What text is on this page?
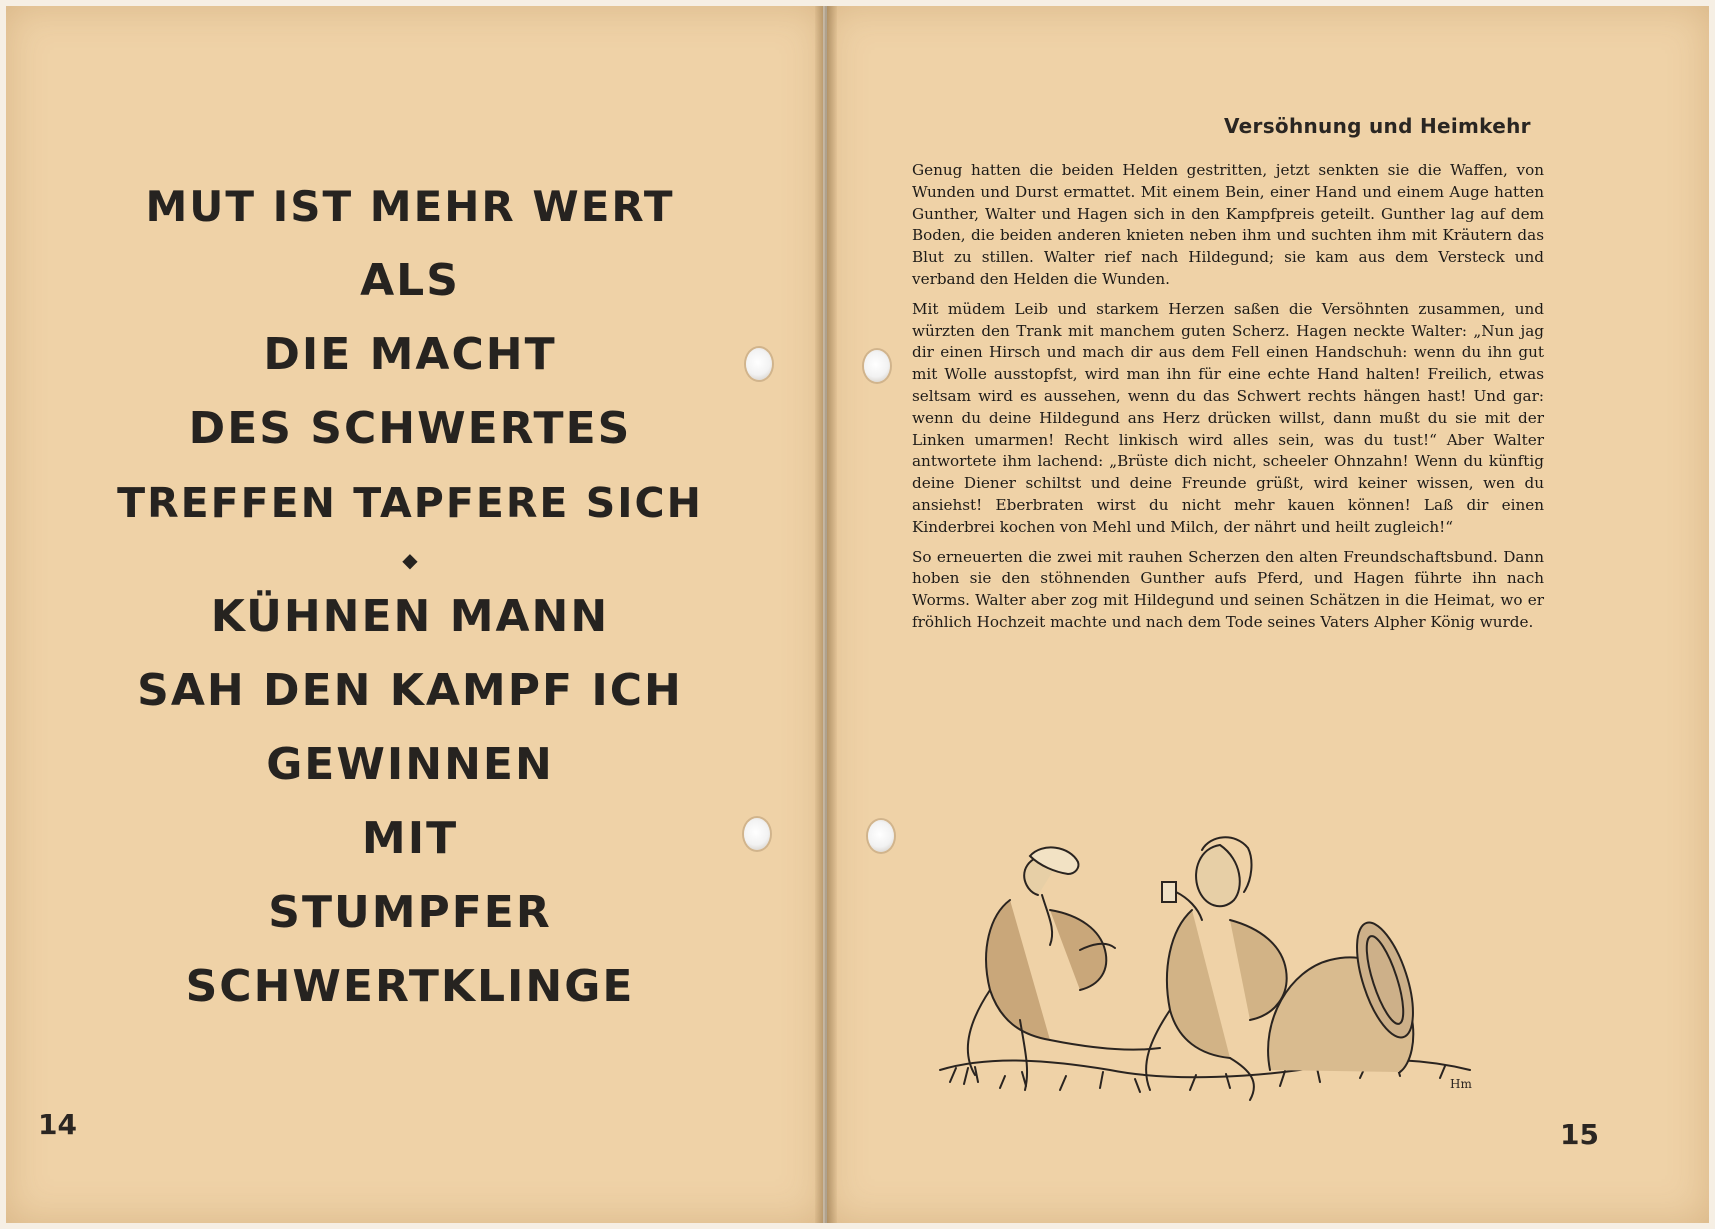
MUT IST MEHR WERT
ALS
DIE MACHT
DES SCHWERTES
TREFFEN TAPFERE SICH
◆
KÜHNEN MANN
SAH DEN KAMPF ICH
GEWINNEN
MIT
STUMPFER
SCHWERTKLINGE
14
Versöhnung und Heimkehr

Genug hatten die beiden Helden gestritten, jetzt senkten sie die Waffen, von Wunden und Durst ermattet. Mit einem Bein, einer Hand und einem Auge hatten Gunther, Walter und Hagen sich in den Kampfpreis geteilt. Gunther lag auf dem Boden, die beiden anderen knieten neben ihm und suchten ihm mit Kräutern das Blut zu stillen. Walter rief nach Hildegund; sie kam aus dem Versteck und verband den Helden die Wunden.

Mit müdem Leib und starkem Herzen saßen die Versöhnten zusammen, und würzten den Trank mit manchem guten Scherz. Hagen neckte Walter: „Nun jag dir einen Hirsch und mach dir aus dem Fell einen Handschuh: wenn du ihn gut mit Wolle ausstopfst, wird man ihn für eine echte Hand halten! Freilich, etwas seltsam wird es aussehen, wenn du das Schwert rechts hängen hast! Und gar: wenn du deine Hildegund ans Herz drücken willst, dann mußt du sie mit der Linken umarmen! Recht linkisch wird alles sein, was du tust!“ Aber Walter antwortete ihm lachend: „Brüste dich nicht, scheeler Ohnzahn! Wenn du künftig deine Diener schiltst und deine Freunde grüßt, wird keiner wissen, wen du ansiehst! Eberbraten wirst du nicht mehr kauen können! Laß dir einen Kinderbrei kochen von Mehl und Milch, der nährt und heilt zugleich!“

So erneuerten die zwei mit rauhen Scherzen den alten Freundschaftsbund. Dann hoben sie den stöhnenden Gunther aufs Pferd, und Hagen führte ihn nach Worms. Walter aber zog mit Hildegund und seinen Schätzen in die Heimat, wo er fröhlich Hochzeit machte und nach dem Tode seines Vaters Alpher König wurde.

Hm
15
